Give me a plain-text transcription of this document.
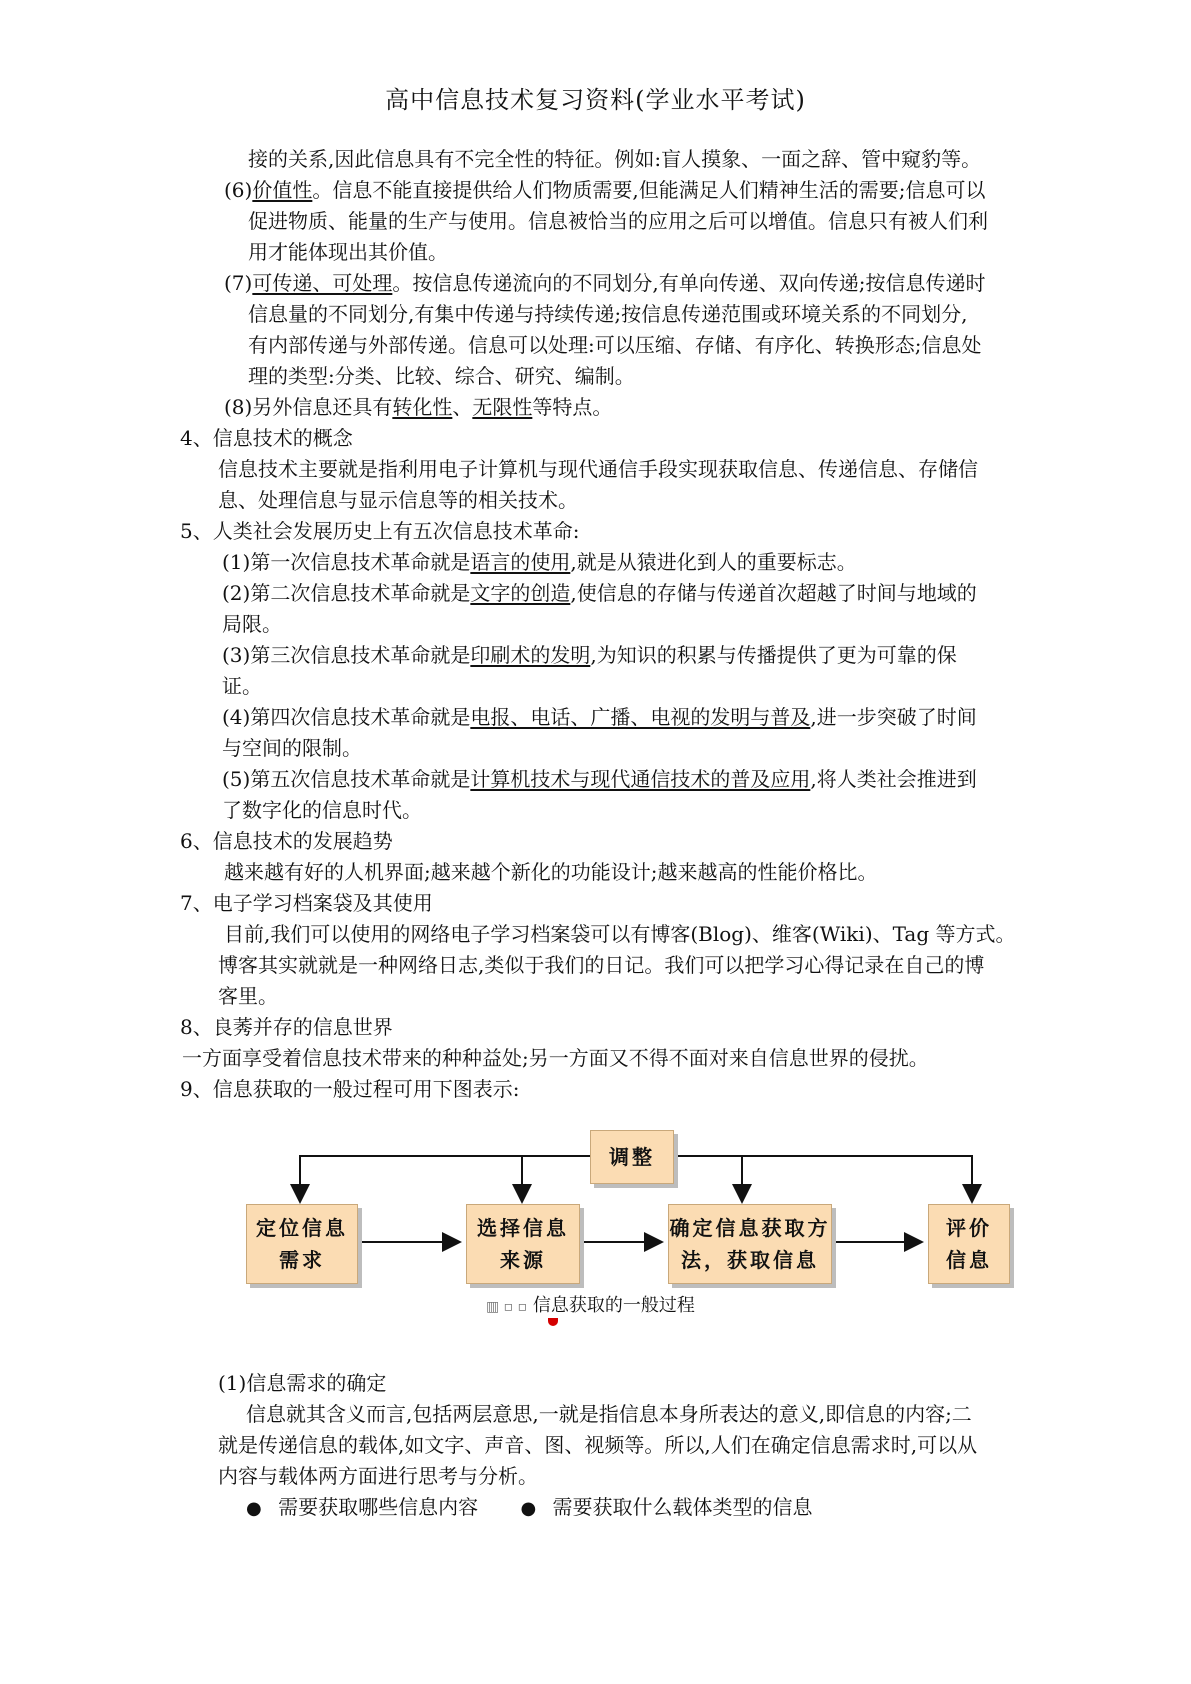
高中信息技术复习资料(学业水平考试)
接的关系,因此信息具有不完全性的特征。例如:盲人摸象、一面之辞、管中窥豹等。
(6)价值性。信息不能直接提供给人们物质需要,但能满足人们精神生活的需要;信息可以
促进物质、能量的生产与使用。信息被恰当的应用之后可以增值。信息只有被人们利
用才能体现出其价值。
(7)可传递、可处理。按信息传递流向的不同划分,有单向传递、双向传递;按信息传递时
信息量的不同划分,有集中传递与持续传递;按信息传递范围或环境关系的不同划分,
有内部传递与外部传递。信息可以处理:可以压缩、存储、有序化、转换形态;信息处
理的类型:分类、比较、综合、研究、编制。
(8)另外信息还具有转化性、无限性等特点。
4、信息技术的概念
信息技术主要就是指利用电子计算机与现代通信手段实现获取信息、传递信息、存储信
息、处理信息与显示信息等的相关技术。
5、人类社会发展历史上有五次信息技术革命:
(1)第一次信息技术革命就是语言的使用,就是从猿进化到人的重要标志。
(2)第二次信息技术革命就是文字的创造,使信息的存储与传递首次超越了时间与地域的
局限。
(3)第三次信息技术革命就是印刷术的发明,为知识的积累与传播提供了更为可靠的保
证。
(4)第四次信息技术革命就是电报、电话、广播、电视的发明与普及,进一步突破了时间
与空间的限制。
(5)第五次信息技术革命就是计算机技术与现代通信技术的普及应用,将人类社会推进到
了数字化的信息时代。
6、信息技术的发展趋势
越来越有好的人机界面;越来越个新化的功能设计;越来越高的性能价格比。
7、电子学习档案袋及其使用
目前,我们可以使用的网络电子学习档案袋可以有博客(Blog)、维客(Wiki)、Tag 等方式。
博客其实就就是一种网络日志,类似于我们的日记。我们可以把学习心得记录在自己的博
客里。
8、良莠并存的信息世界
一方面享受着信息技术带来的种种益处;另一方面又不得不面对来自信息世界的侵扰。
9、信息获取的一般过程可用下图表示:
调整
定位信息
需求
选择信息
来源
确定信息获取方
法，获取信息
评价
信息
▥ ▫ ▫ 信息获取的一般过程
(1)信息需求的确定
信息就其含义而言,包括两层意思,一就是指信息本身所表达的意义,即信息的内容;二
就是传递信息的载体,如文字、声音、图、视频等。所以,人们在确定信息需求时,可以从
内容与载体两方面进行思考与分析。
● 需要获取哪些信息内容 ● 需要获取什么载体类型的信息
